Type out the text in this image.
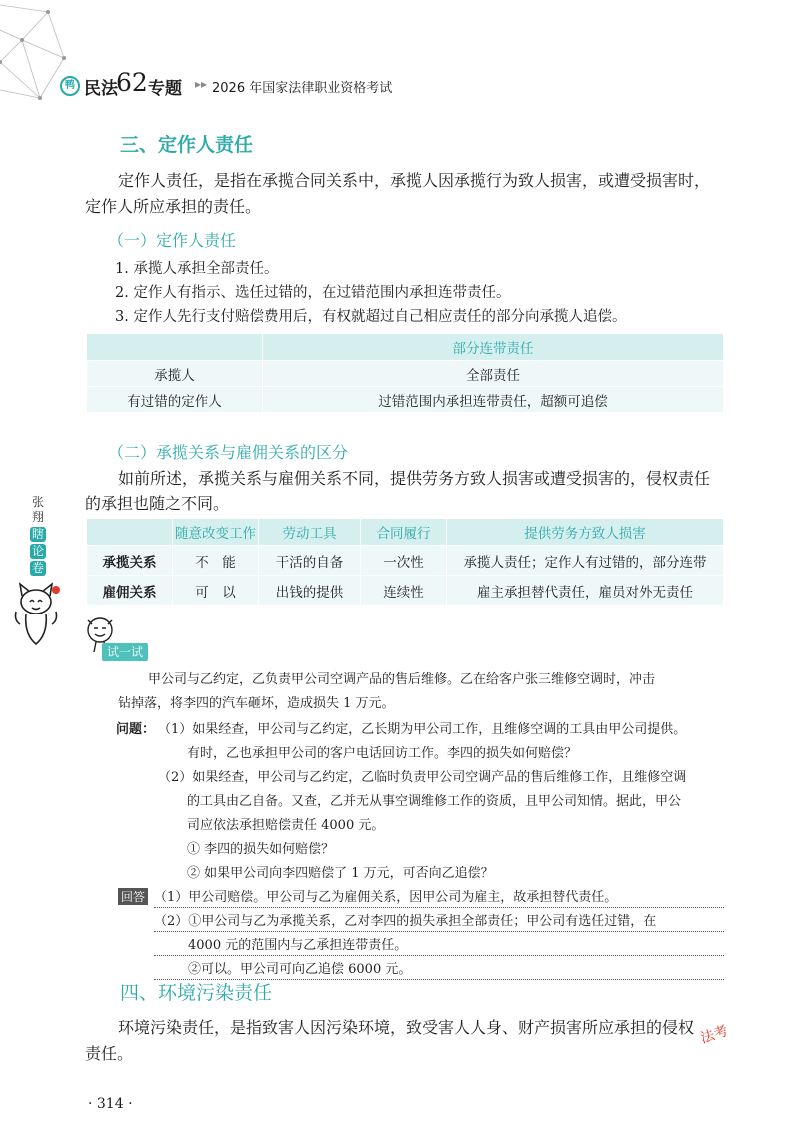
鸭 民法
62 专题 ▸▸ 2026 年国家法律职业资格考试
三、定作人责任
定作人责任，是指在承揽合同关系中，承揽人因承揽行为致人损害，或遭受损害时，
定作人所应承担的责任。
（一）定作人责任
1. 承揽人承担全部责任。
2. 定作人有指示、选任过错的，在过错范围内承担连带责任。
3. 定作人先行支付赔偿费用后，有权就超过自己相应责任的部分向承揽人追偿。
	部分连带责任
承揽人	全部责任
有过错的定作人	过错范围内承担连带责任，超额可追偿
（二）承揽关系与雇佣关系的区分
如前所述，承揽关系与雇佣关系不同，提供劳务方致人损害或遭受损害的，侵权责任
的承担也随之不同。
	随意改变工作	劳动工具	合同履行	提供劳务方致人损害
承揽关系	不　能	干活的自备	一次性	承揽人责任；定作人有过错的，部分连带
雇佣关系	可　以	出钱的提供	连续性	雇主承担替代责任，雇员对外无责任
张 翔
瞎
论
卷
试一试
甲公司与乙约定，乙负责甲公司空调产品的售后维修。乙在给客户张三维修空调时，冲击
钻掉落，将李四的汽车砸坏，造成损失 1 万元。
问题： （1）如果经查，甲公司与乙约定，乙长期为甲公司工作，且维修空调的工具由甲公司提供。
有时，乙也承担甲公司的客户电话回访工作。李四的损失如何赔偿？
（2）如果经查，甲公司与乙约定，乙临时负责甲公司空调产品的售后维修工作，且维修空调
的工具由乙自备。又查，乙并无从事空调维修工作的资质，且甲公司知情。据此，甲公
司应依法承担赔偿责任 4000 元。
① 李四的损失如何赔偿？
② 如果甲公司向李四赔偿了 1 万元，可否向乙追偿？
回答 （1）甲公司赔偿。甲公司与乙为雇佣关系，因甲公司为雇主，故承担替代责任。
（2）①甲公司与乙为承揽关系，乙对李四的损失承担全部责任；甲公司有选任过错，在
4000 元的范围内与乙承担连带责任。
②可以。甲公司可向乙追偿 6000 元。
四、环境污染责任
环境污染责任，是指致害人因污染环境，致受害人人身、财产损害所应承担的侵权
责任。
法考
· 314 ·
